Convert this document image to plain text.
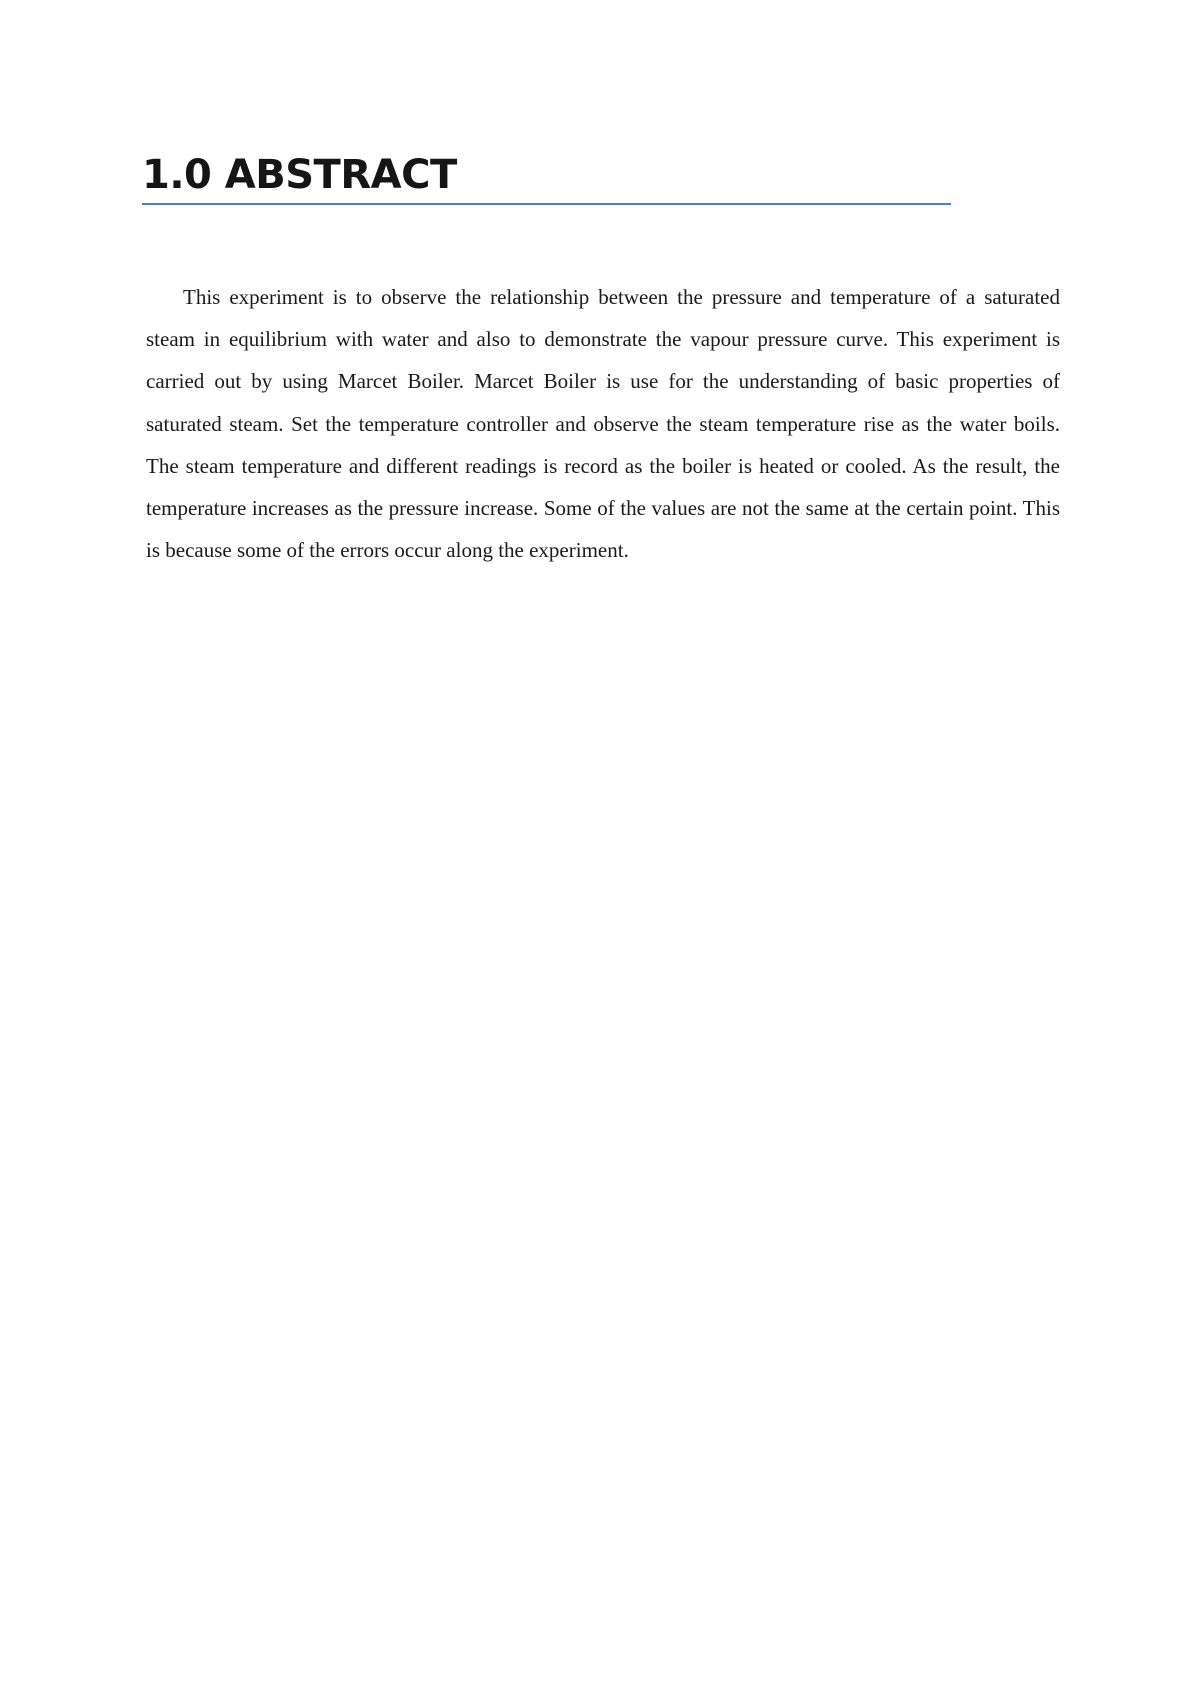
1.0 ABSTRACT

This experiment is to observe the relationship between the pressure and temperature of a saturated steam in equilibrium with water and also to demonstrate the vapour pressure curve. This experiment is carried out by using Marcet Boiler. Marcet Boiler is use for the understanding of basic properties of saturated steam. Set the temperature controller and observe the steam temperature rise as the water boils. The steam temperature and different readings is record as the boiler is heated or cooled. As the result, the temperature increases as the pressure increase. Some of the values are not the same at the certain point. This is because some of the errors occur along the experiment.
